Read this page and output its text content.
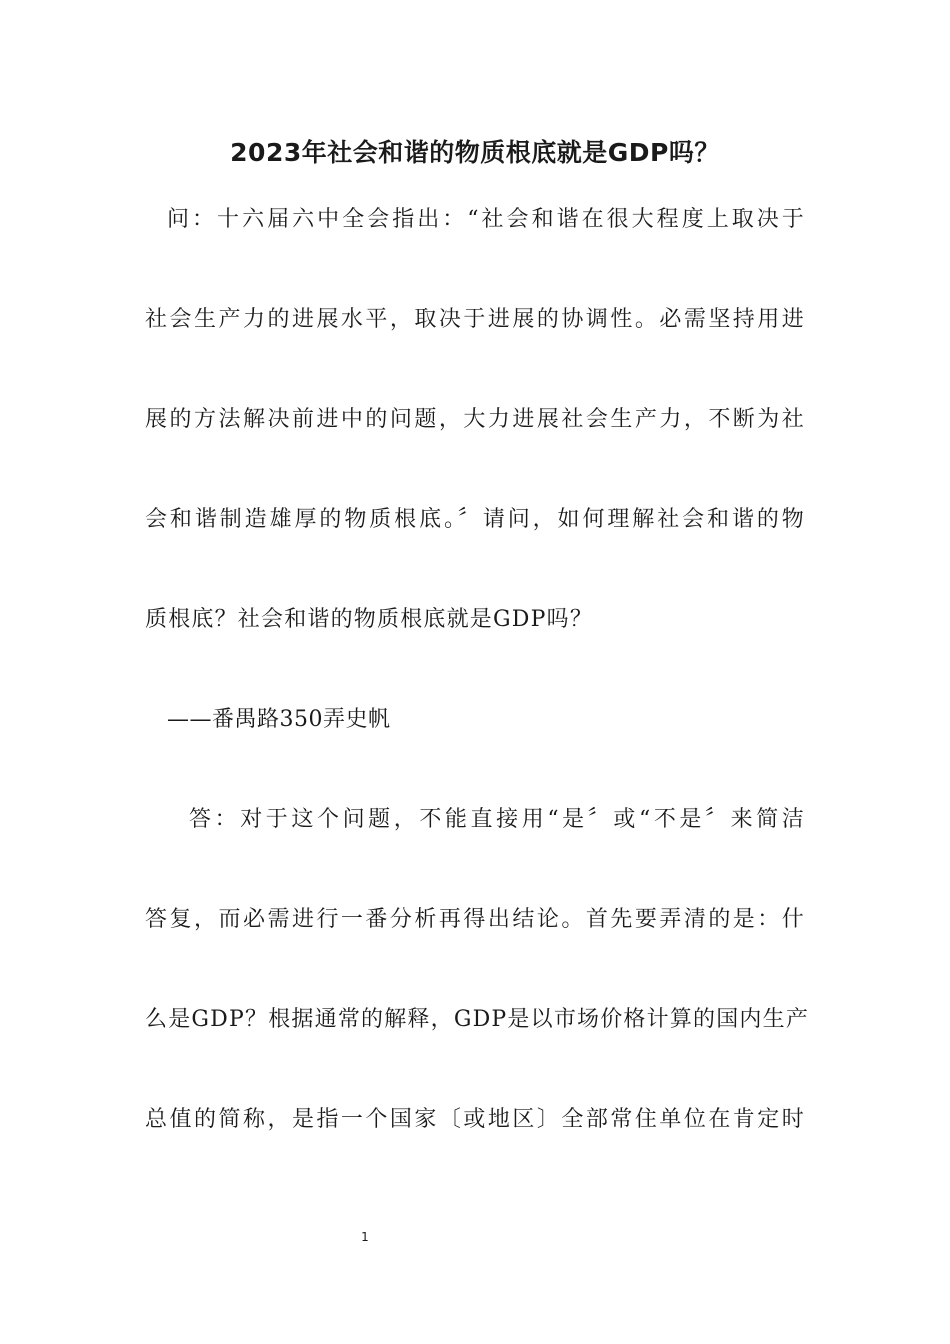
2023年社会和谐的物质根底就是GDP吗？
问：十六届六中全会指出：“社会和谐在很大程度上取决于
社会生产力的进展水平，取决于进展的协调性。必需坚持用进
展的方法解决前进中的问题，大力进展社会生产力，不断为社
会和谐制造雄厚的物质根底。〞请问，如何理解社会和谐的物
质根底？社会和谐的物质根底就是GDP吗？
——番禺路350弄史帆
答：对于这个问题，不能直接用“是〞或“不是〞来简洁
答复，而必需进行一番分析再得出结论。首先要弄清的是：什
么是GDP？根据通常的解释，GDP是以市场价格计算的国内生产
总值的简称，是指一个国家〔或地区〕全部常住单位在肯定时
1
